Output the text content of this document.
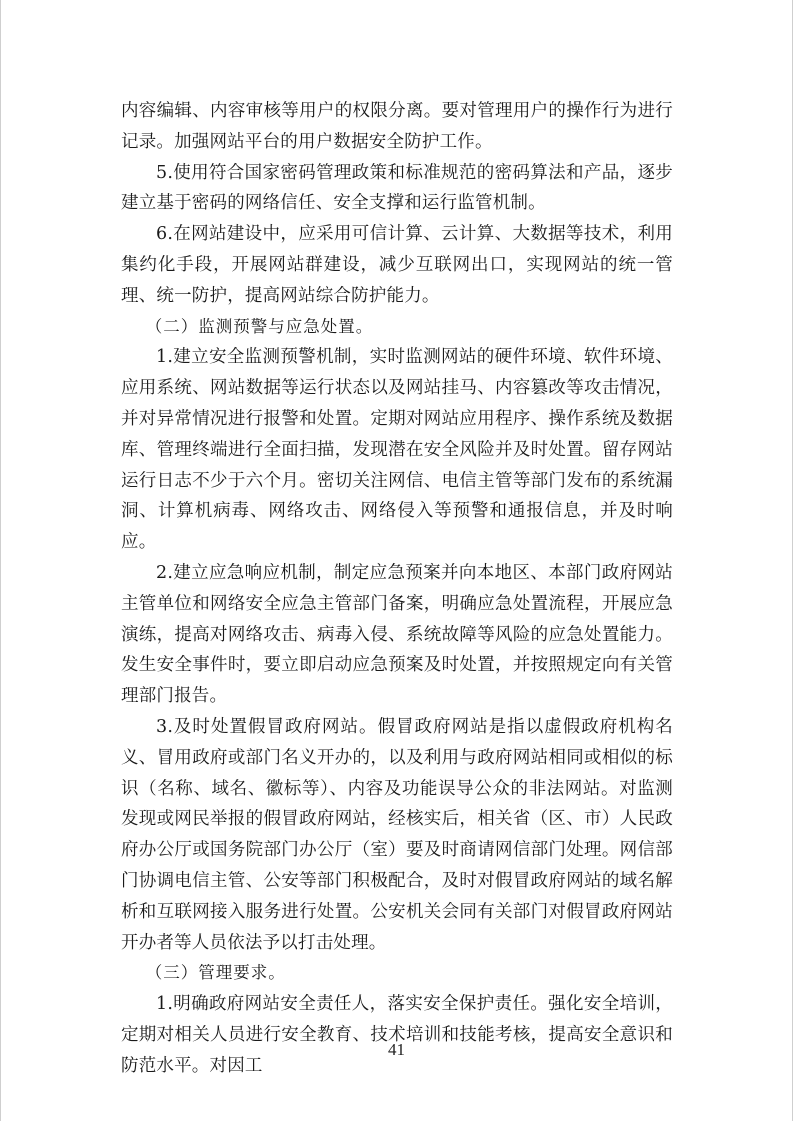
内容编辑、内容审核等用户的权限分离。要对管理用户的操作行为进行记录。加强网站平台的用户数据安全防护工作。

5.使用符合国家密码管理政策和标准规范的密码算法和产品，逐步建立基于密码的网络信任、安全支撑和运行监管机制。

6.在网站建设中，应采用可信计算、云计算、大数据等技术，利用集约化手段，开展网站群建设，减少互联网出口，实现网站的统一管理、统一防护，提高网站综合防护能力。

（二）监测预警与应急处置。

1.建立安全监测预警机制，实时监测网站的硬件环境、软件环境、应用系统、网站数据等运行状态以及网站挂马、内容篡改等攻击情况，并对异常情况进行报警和处置。定期对网站应用程序、操作系统及数据库、管理终端进行全面扫描，发现潜在安全风险并及时处置。留存网站运行日志不少于六个月。密切关注网信、电信主管等部门发布的系统漏洞、计算机病毒、网络攻击、网络侵入等预警和通报信息，并及时响应。

2.建立应急响应机制，制定应急预案并向本地区、本部门政府网站主管单位和网络安全应急主管部门备案，明确应急处置流程，开展应急演练，提高对网络攻击、病毒入侵、系统故障等风险的应急处置能力。发生安全事件时，要立即启动应急预案及时处置，并按照规定向有关管理部门报告。

3.及时处置假冒政府网站。假冒政府网站是指以虚假政府机构名义、冒用政府或部门名义开办的，以及利用与政府网站相同或相似的标识（名称、域名、徽标等）、内容及功能误导公众的非法网站。对监测发现或网民举报的假冒政府网站，经核实后，相关省（区、市）人民政府办公厅或国务院部门办公厅（室）要及时商请网信部门处理。网信部门协调电信主管、公安等部门积极配合，及时对假冒政府网站的域名解析和互联网接入服务进行处置。公安机关会同有关部门对假冒政府网站开办者等人员依法予以打击处理。

（三）管理要求。

1.明确政府网站安全责任人，落实安全保护责任。强化安全培训，定期对相关人员进行安全教育、技术培训和技能考核，提高安全意识和防范水平。对因工

41
